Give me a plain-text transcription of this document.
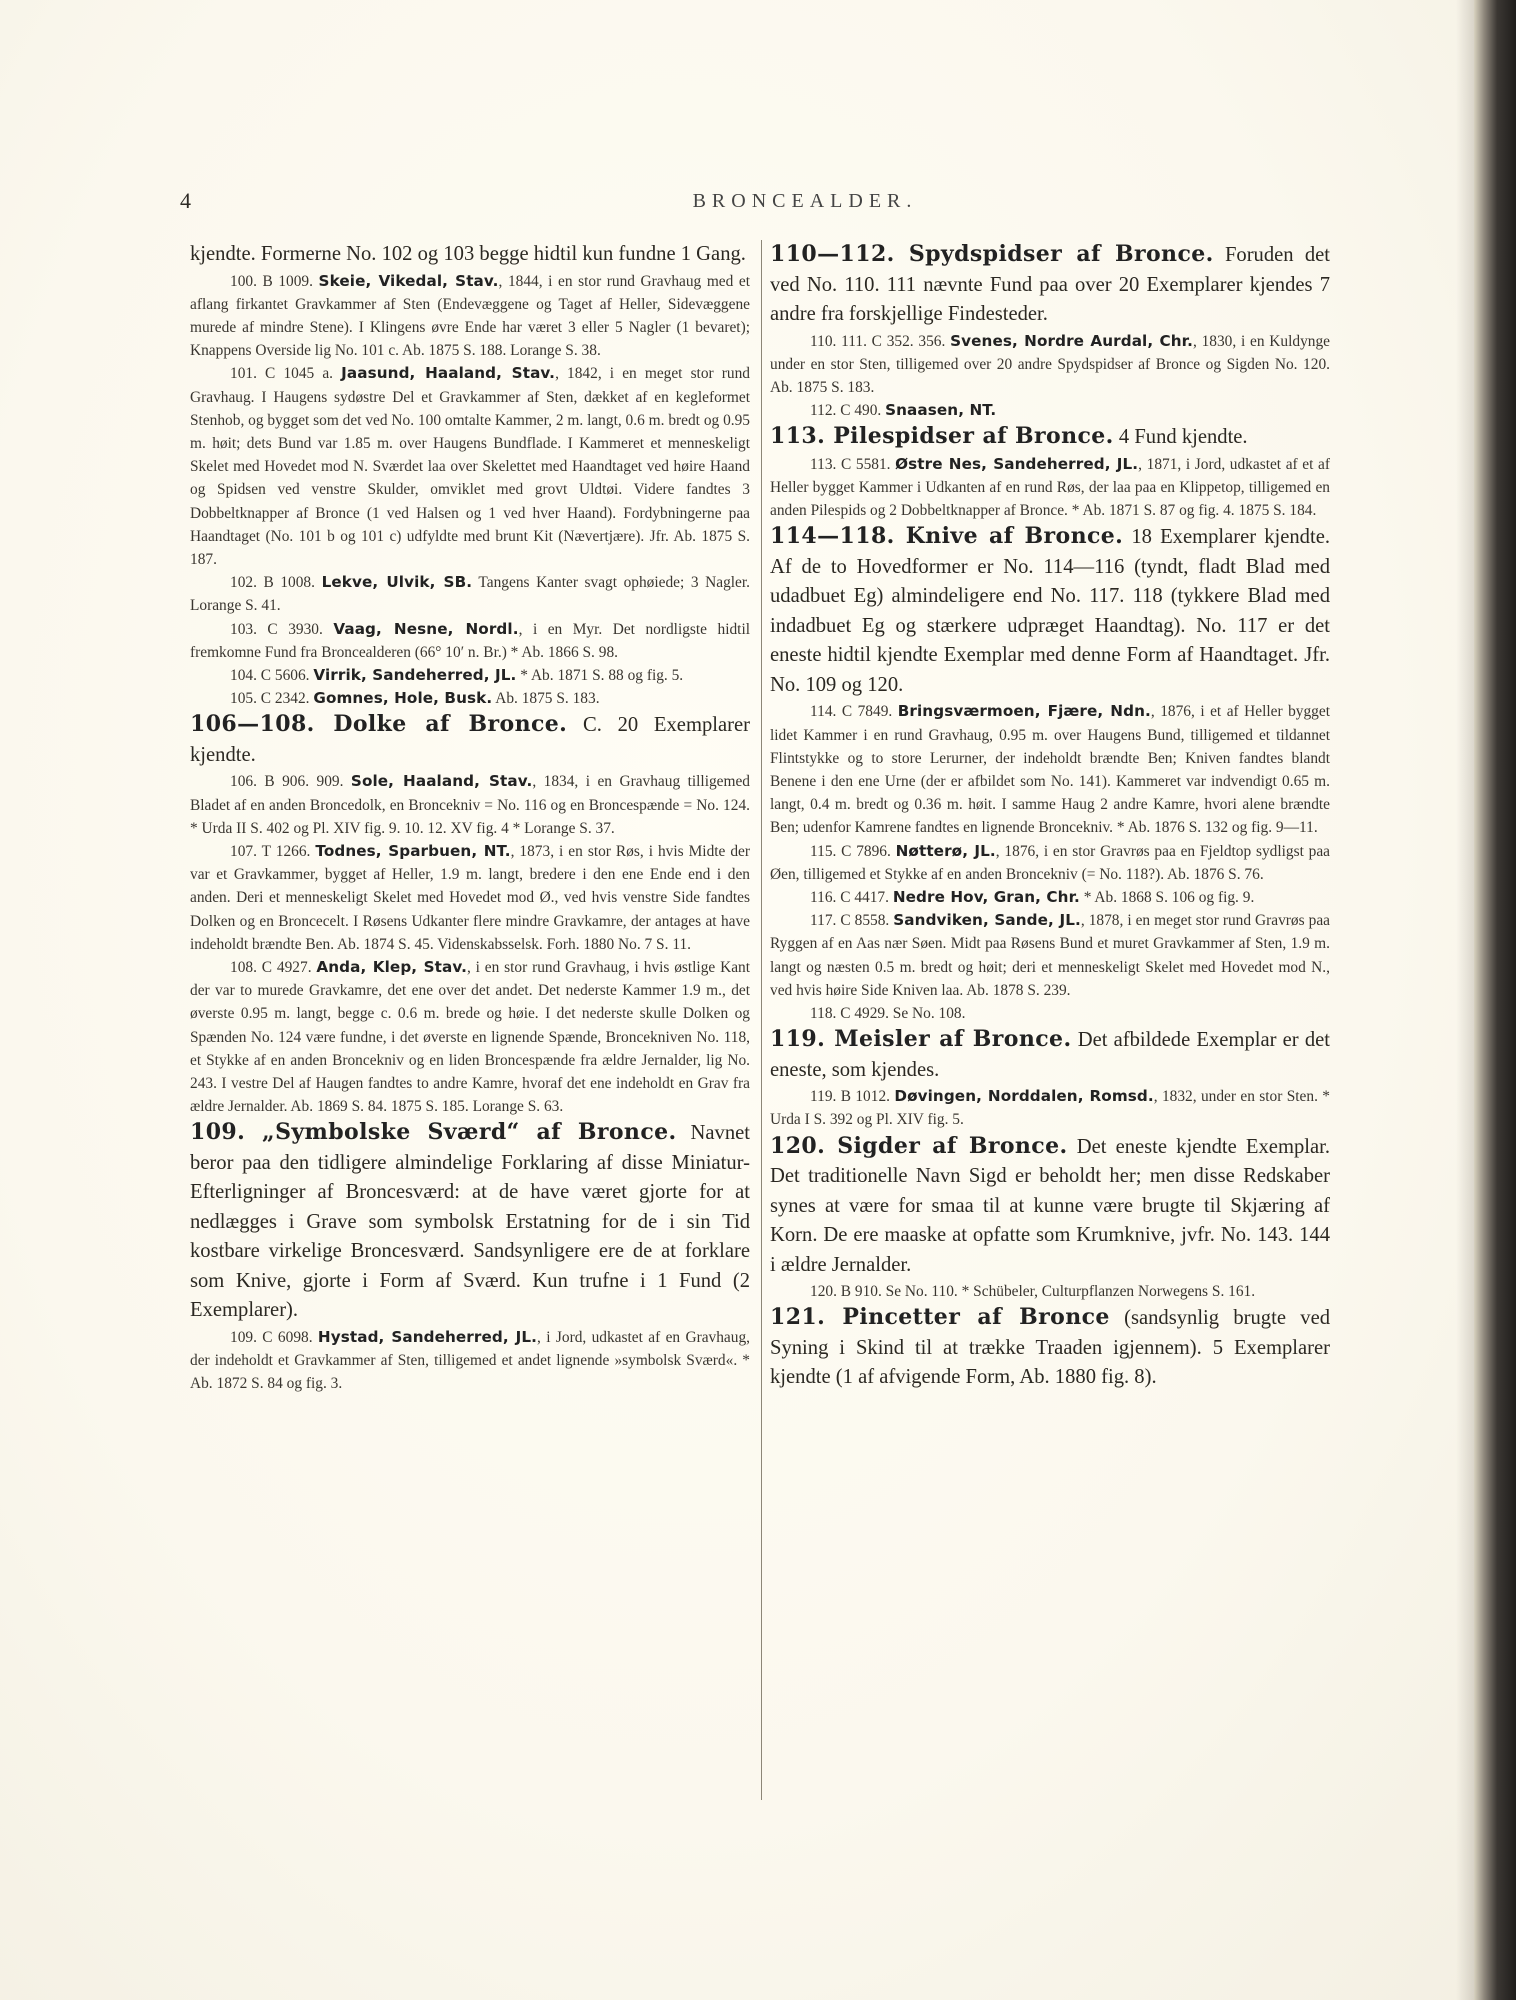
4	BRONCEALDER.

kjendte. Formerne No. 102 og 103 begge hidtil kun fundne 1 Gang.

100. B 1009. Skeie, Vikedal, Stav., 1844, i en stor rund Gravhaug med et aflang firkantet Gravkammer af Sten (Endevæggene og Taget af Heller, Sidevæggene murede af mindre Stene). I Klingens øvre Ende har været 3 eller 5 Nagler (1 bevaret); Knappens Overside lig No. 101 c. Ab. 1875 S. 188. Lorange S. 38.

101. C 1045 a. Jaasund, Haaland, Stav., 1842, i en meget stor rund Gravhaug. I Haugens sydøstre Del et Gravkammer af Sten, dækket af en kegleformet Stenhob, og bygget som det ved No. 100 omtalte Kammer, 2 m. langt, 0.6 m. bredt og 0.95 m. høit; dets Bund var 1.85 m. over Haugens Bundflade. I Kammeret et menneskeligt Skelet med Hovedet mod N. Sværdet laa over Skelettet med Haandtaget ved høire Haand og Spidsen ved venstre Skulder, omviklet med grovt Uldtøi. Videre fandtes 3 Dobbeltknapper af Bronce (1 ved Halsen og 1 ved hver Haand). Fordybningerne paa Haandtaget (No. 101 b og 101 c) udfyldte med brunt Kit (Nævertjære). Jfr. Ab. 1875 S. 187.

102. B 1008. Lekve, Ulvik, SB. Tangens Kanter svagt ophøiede; 3 Nagler. Lorange S. 41.

103. C 3930. Vaag, Nesne, Nordl., i en Myr. Det nordligste hidtil fremkomne Fund fra Broncealderen (66° 10′ n. Br.) * Ab. 1866 S. 98.

104. C 5606. Virrik, Sandeherred, JL. * Ab. 1871 S. 88 og fig. 5.

105. C 2342. Gomnes, Hole, Busk. Ab. 1875 S. 183.

106—108. Dolke af Bronce. C. 20 Exemplarer kjendte.

106. B 906. 909. Sole, Haaland, Stav., 1834, i en Gravhaug tilligemed Bladet af en anden Broncedolk, en Broncekniv = No. 116 og en Broncespænde = No. 124. * Urda II S. 402 og Pl. XIV fig. 9. 10. 12. XV fig. 4 * Lorange S. 37.

107. T 1266. Todnes, Sparbuen, NT., 1873, i en stor Røs, i hvis Midte der var et Gravkammer, bygget af Heller, 1.9 m. langt, bredere i den ene Ende end i den anden. Deri et menneskeligt Skelet med Hovedet mod Ø., ved hvis venstre Side fandtes Dolken og en Broncecelt. I Røsens Udkanter flere mindre Gravkamre, der antages at have indeholdt brændte Ben. Ab. 1874 S. 45. Videnskabsselsk. Forh. 1880 No. 7 S. 11.

108. C 4927. Anda, Klep, Stav., i en stor rund Gravhaug, i hvis østlige Kant der var to murede Gravkamre, det ene over det andet. Det nederste Kammer 1.9 m., det øverste 0.95 m. langt, begge c. 0.6 m. brede og høie. I det nederste skulle Dolken og Spænden No. 124 være fundne, i det øverste en lignende Spænde, Broncekniven No. 118, et Stykke af en anden Broncekniv og en liden Broncespænde fra ældre Jernalder, lig No. 243. I vestre Del af Haugen fandtes to andre Kamre, hvoraf det ene indeholdt en Grav fra ældre Jernalder. Ab. 1869 S. 84. 1875 S. 185. Lorange S. 63.

109. „Symbolske Sværd“ af Bronce. Navnet beror paa den tidligere almindelige Forklaring af disse Miniatur-Efterligninger af Broncesværd: at de have været gjorte for at nedlægges i Grave som symbolsk Erstatning for de i sin Tid kostbare virkelige Broncesværd. Sandsynligere ere de at forklare som Knive, gjorte i Form af Sværd. Kun trufne i 1 Fund (2 Exemplarer).

109. C 6098. Hystad, Sandeherred, JL., i Jord, udkastet af en Gravhaug, der indeholdt et Gravkammer af Sten, tilligemed et andet lignende »symbolsk Sværd«. * Ab. 1872 S. 84 og fig. 3.

110—112. Spydspidser af Bronce. Foruden det ved No. 110. 111 nævnte Fund paa over 20 Exemplarer kjendes 7 andre fra forskjellige Findesteder.

110. 111. C 352. 356. Svenes, Nordre Aurdal, Chr., 1830, i en Kuldynge under en stor Sten, tilligemed over 20 andre Spydspidser af Bronce og Sigden No. 120. Ab. 1875 S. 183.

112. C 490. Snaasen, NT.

113. Pilespidser af Bronce. 4 Fund kjendte.

113. C 5581. Østre Nes, Sandeherred, JL., 1871, i Jord, udkastet af et af Heller bygget Kammer i Udkanten af en rund Røs, der laa paa en Klippetop, tilligemed en anden Pilespids og 2 Dobbeltknapper af Bronce. * Ab. 1871 S. 87 og fig. 4. 1875 S. 184.

114—118. Knive af Bronce. 18 Exemplarer kjendte. Af de to Hovedformer er No. 114—116 (tyndt, fladt Blad med udadbuet Eg) almindeligere end No. 117. 118 (tykkere Blad med indadbuet Eg og stærkere udpræget Haandtag). No. 117 er det eneste hidtil kjendte Exemplar med denne Form af Haandtaget. Jfr. No. 109 og 120.

114. C 7849. Bringsværmoen, Fjære, Ndn., 1876, i et af Heller bygget lidet Kammer i en rund Gravhaug, 0.95 m. over Haugens Bund, tilligemed et tildannet Flintstykke og to store Lerurner, der indeholdt brændte Ben; Kniven fandtes blandt Benene i den ene Urne (der er afbildet som No. 141). Kammeret var indvendigt 0.65 m. langt, 0.4 m. bredt og 0.36 m. høit. I samme Haug 2 andre Kamre, hvori alene brændte Ben; udenfor Kamrene fandtes en lignende Broncekniv. * Ab. 1876 S. 132 og fig. 9—11.

115. C 7896. Nøtterø, JL., 1876, i en stor Gravrøs paa en Fjeldtop sydligst paa Øen, tilligemed et Stykke af en anden Broncekniv (= No. 118?). Ab. 1876 S. 76.

116. C 4417. Nedre Hov, Gran, Chr. * Ab. 1868 S. 106 og fig. 9.

117. C 8558. Sandviken, Sande, JL., 1878, i en meget stor rund Gravrøs paa Ryggen af en Aas nær Søen. Midt paa Røsens Bund et muret Gravkammer af Sten, 1.9 m. langt og næsten 0.5 m. bredt og høit; deri et menneskeligt Skelet med Hovedet mod N., ved hvis høire Side Kniven laa. Ab. 1878 S. 239.

118. C 4929. Se No. 108.

119. Meisler af Bronce. Det afbildede Exemplar er det eneste, som kjendes.

119. B 1012. Døvingen, Norddalen, Romsd., 1832, under en stor Sten. * Urda I S. 392 og Pl. XIV fig. 5.

120. Sigder af Bronce. Det eneste kjendte Exemplar. Det traditionelle Navn Sigd er beholdt her; men disse Redskaber synes at være for smaa til at kunne være brugte til Skjæring af Korn. De ere maaske at opfatte som Krumknive, jvfr. No. 143. 144 i ældre Jernalder.

120. B 910. Se No. 110. * Schübeler, Culturpflanzen Norwegens S. 161.

121. Pincetter af Bronce (sandsynlig brugte ved Syning i Skind til at trække Traaden igjennem). 5 Exemplarer kjendte (1 af afvigende Form, Ab. 1880 fig. 8).
